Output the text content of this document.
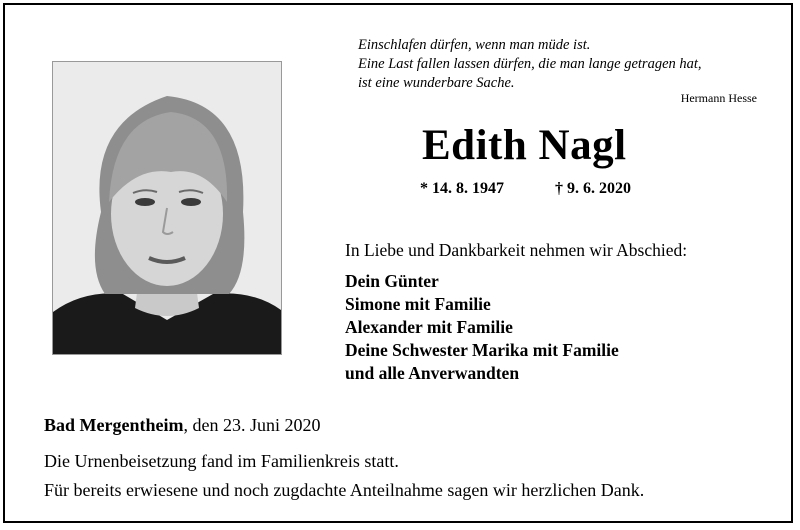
Einschlafen dürfen, wenn man müde ist.
Eine Last fallen lassen dürfen, die man lange getragen hat,
ist eine wunderbare Sache.
Hermann Hesse
Edith Nagl
* 14. 8. 1947	† 9. 6. 2020
In Liebe und Dankbarkeit nehmen wir Abschied:
Dein Günter
Simone mit Familie
Alexander mit Familie
Deine Schwester Marika mit Familie
und alle Anverwandten
Bad Mergentheim, den 23. Juni 2020
Die Urnenbeisetzung fand im Familienkreis statt.
Für bereits erwiesene und noch zugdachte Anteilnahme sagen wir herzlichen Dank.
